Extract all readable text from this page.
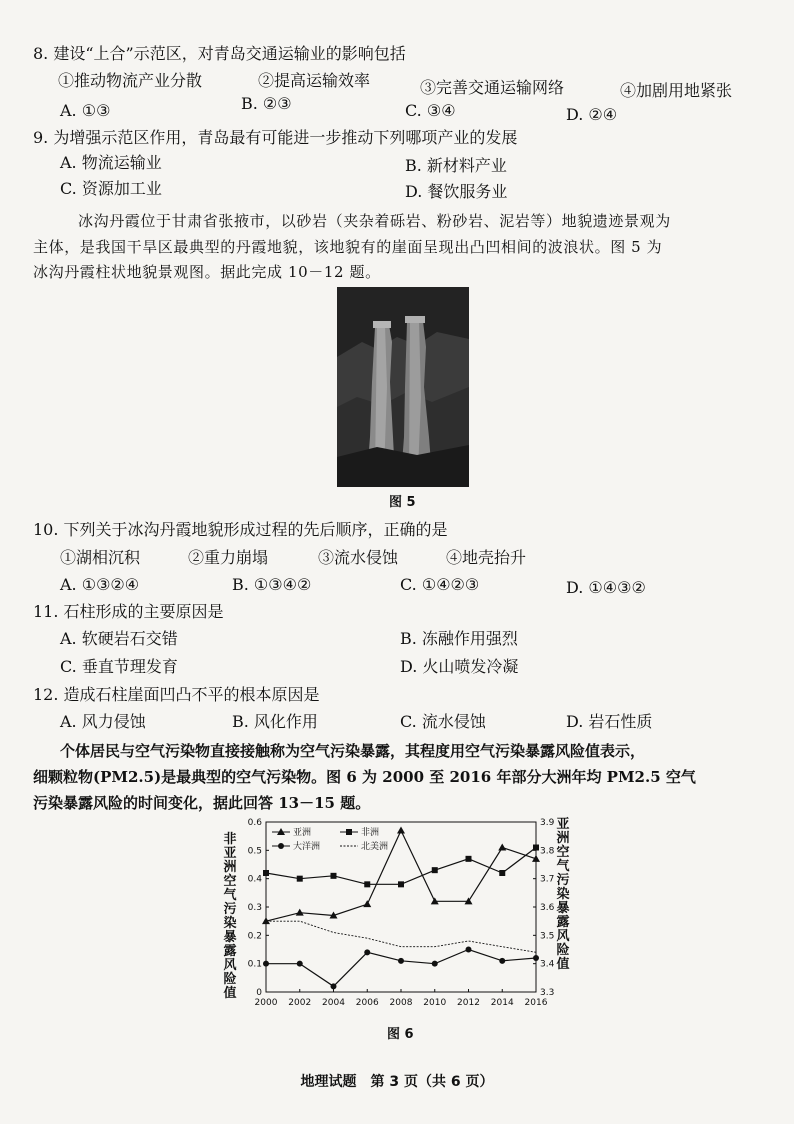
8. 建设“上合”示范区，对青岛交通运输业的影响包括
①推动物流产业分散	②提高运输效率	③完善交通运输网络	④加剧用地紧张
A. ①③	B. ②③	C. ③④	D. ②④
9. 为增强示范区作用，青岛最有可能进一步推动下列哪项产业的发展
A. 物流运输业	B. 新材料产业
C. 资源加工业	D. 餐饮服务业
冰沟丹霞位于甘肃省张掖市，以砂岩（夹杂着砾岩、粉砂岩、泥岩等）地貌遗迹景观为
主体，是我国干旱区最典型的丹霞地貌，该地貌有的崖面呈现出凸凹相间的波浪状。图 5 为
冰沟丹霞柱状地貌景观图。据此完成 10－12 题。
图 5
10. 下列关于冰沟丹霞地貌形成过程的先后顺序，正确的是
①湖相沉积	②重力崩塌	③流水侵蚀	④地壳抬升
A. ①③②④	B. ①③④②	C. ①④②③	D. ①④③②
11. 石柱形成的主要原因是
A. 软硬岩石交错	B. 冻融作用强烈
C. 垂直节理发育	D. 火山喷发冷凝
12. 造成石柱崖面凹凸不平的根本原因是
A. 风力侵蚀	B. 风化作用	C. 流水侵蚀	D. 岩石性质
个体居民与空气污染物直接接触称为空气污染暴露，其程度用空气污染暴露风险值表示，
细颗粒物(PM2.5)是最典型的空气污染物。图 6 为 2000 至 2016 年部分大洲年均 PM2.5 空气
污染暴露风险的时间变化，据此回答 13－15 题。
非亚洲空气污染暴露风险值
亚洲空气污染暴露风险值
0
0.1
0.2
0.3
0.4
0.5
0.6
3.3
3.4
3.5
3.6
3.7
3.8
3.9
2000 2002 2004 2006 2008 2010 2012 2014 2016
亚洲	非洲
大洋洲	北美洲
图 6
地理试题　第 3 页（共 6 页）
